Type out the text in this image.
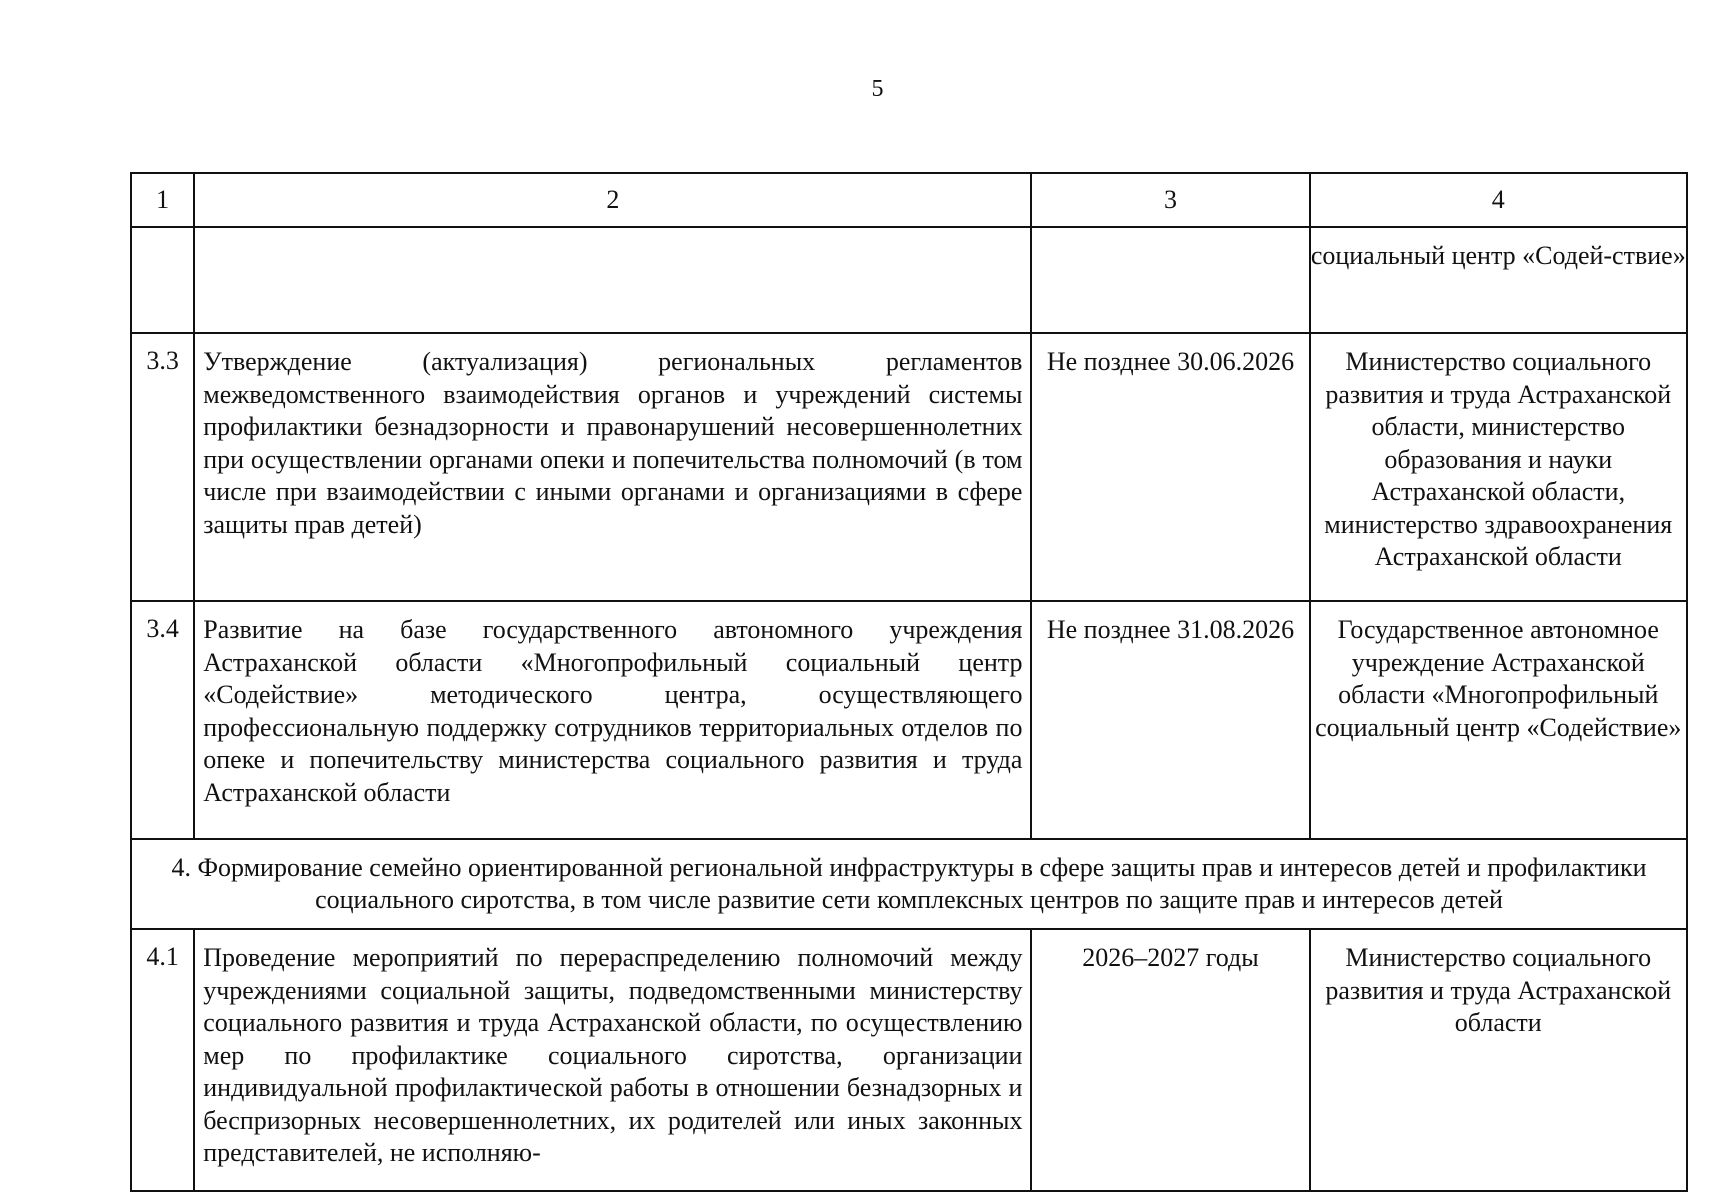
5
1	2	3	4
			социальный центр «Содей-ствие»
3.3	Утверждение (актуализация) региональных регламентов межведомственного взаимодействия органов и учреждений системы профилактики безнадзорности и правонарушений несовершеннолетних при осуществлении органами опеки и попечительства полномочий (в том числе при взаимодействии с иными органами и организациями в сфере защиты прав детей)	Не позднее 30.06.2026	Министерство социального развития и труда Астраханской области, министерство образования и науки Астраханской области, министерство здравоохранения Астраханской области
3.4	Развитие на базе государственного автономного учреждения Астраханской области «Многопрофильный социальный центр «Содействие» методического центра, осуществляющего профессиональную поддержку сотрудников территориальных отделов по опеке и попечительству министерства социального развития и труда Астраханской области	Не позднее 31.08.2026	Государственное автономное учреждение Астраханской области «Многопрофильный социальный центр «Содействие»
4. Формирование семейно ориентированной региональной инфраструктуры в сфере защиты прав и интересов детей и профилактики социального сиротства, в том числе развитие сети комплексных центров по защите прав и интересов детей			
4.1	Проведение мероприятий по перераспределению полномочий между учреждениями социальной защиты, подведомственными министерству социального развития и труда Астраханской области, по осуществлению мер по профилактике социального сиротства, организации индивидуальной профилактической работы в отношении безнадзорных и беспризорных несовершеннолетних, их родителей или иных законных представителей, не исполняю-	2026–2027 годы	Министерство социального развития и труда Астраханской области
